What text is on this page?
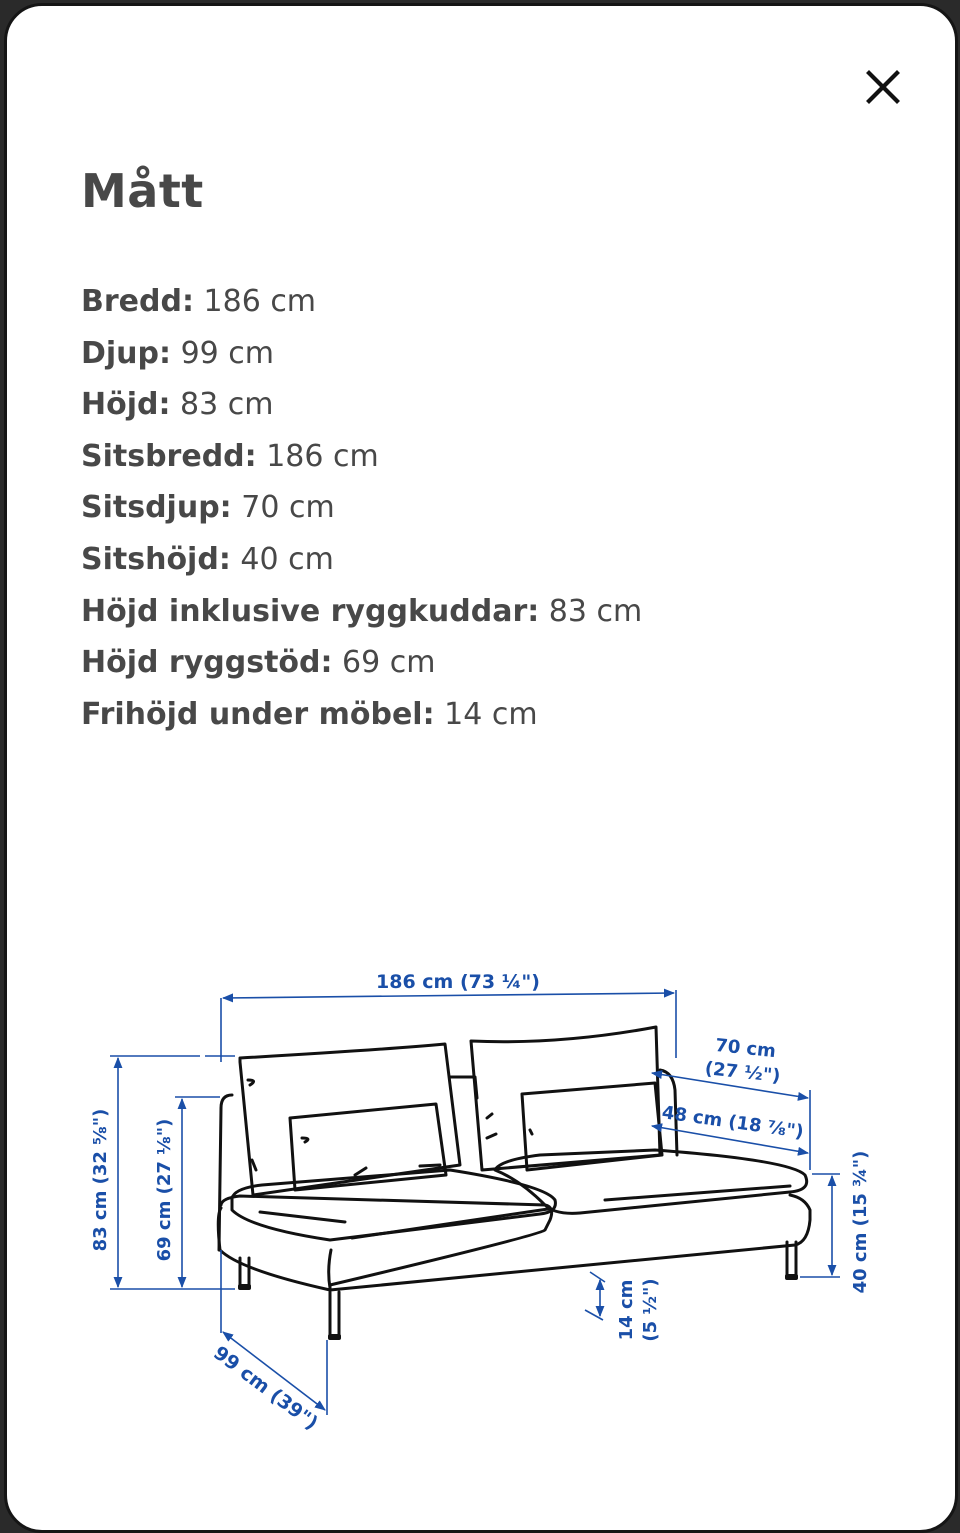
Mått
Bredd: 186 cm
Djup: 99 cm
Höjd: 83 cm
Sitsbredd: 186 cm
Sitsdjup: 70 cm
Sitshöjd: 40 cm
Höjd inklusive ryggkuddar: 83 cm
Höjd ryggstöd: 69 cm
Frihöjd under möbel: 14 cm
186 cm (73 ¼")
70 cm
(27 ½")
48 cm (18 ⅞")
40 cm (15 ¾")
83 cm (32 ⅝") 69 cm (27 ⅛")
14 cm (5 ½")
99 cm (39")
